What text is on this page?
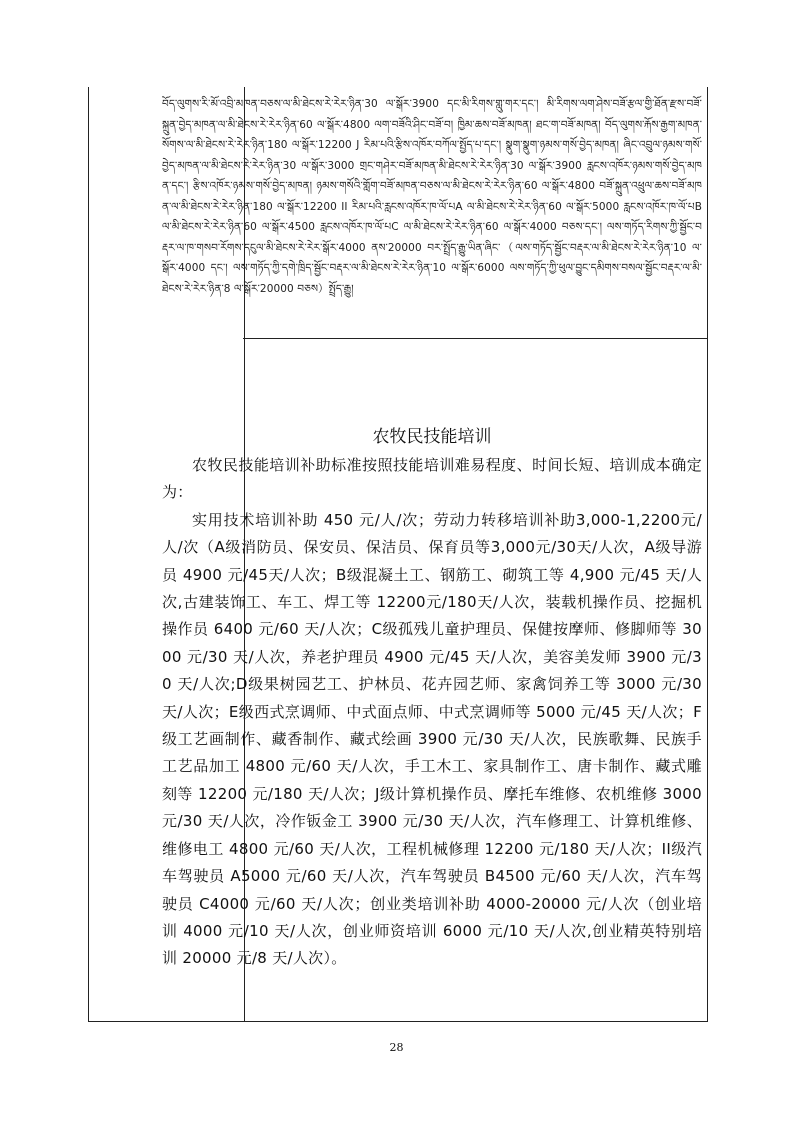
བོད་ལུགས་རི་མོ་འབྲི་མཁན་བཅས་ལ་མི་ཐེངས་རེ་རེར་ཉིན་30 ལ་སྒོར་3900 དང་མི་རིགས་གླུ་གར་དང་། མི་རིགས་ལག་ཤེས་བཟོ་རྩལ་གྱི་ཐོན་རྫས་བཟོ་སྐྲུན་བྱེད་མཁན་ལ་མི་ཐེངས་རེ་རེར་ཉིན་60 ལ་སྒོར་4800 ལག་བཟོའི་ཤིང་བཟོ་བ། ཁྱིམ་ཆས་བཟོ་མཁན། ཐང་ག་བཟོ་མཁན། བོད་ལུགས་རྐོས་རྒྱག་མཁན་སོགས་ལ་མི་ཐེངས་རེ་རེར་ཉིན་180 ལ་སྒོར་12200 J རིམ་པའི་རྩིས་འཁོར་བཀོལ་སྤྱོད་པ་དང་། སྣུག་སྣུག་ཉམས་གསོ་བྱེད་མཁན། ཞིང་འབྲུལ་ཉམས་གསོ་བྱེད་མཁན་ལ་མི་ཐེངས་རེ་རེར་ཉིན་30 ལ་སྒོར་3000 གྲང་གཤེར་བཟོ་མཁན་མི་ཐེངས་རེ་རེར་ཉིན་30 ལ་སྒོར་3900 རླངས་འཁོར་ཉམས་གསོ་བྱེད་མཁན་དང་། རྩིས་འཁོར་ཉམས་གསོ་བྱེད་མཁན། ཉམས་གསོའི་གློག་བཟོ་མཁན་བཅས་ལ་མི་ཐེངས་རེ་རེར་ཉིན་60 ལ་སྒོར་4800 བཟོ་སྐྲུན་འཕྲུལ་ཆས་བཟོ་མཁན་ལ་མི་ཐེངས་རེ་རེར་ཉིན་180 ལ་སྒོར་12200 II རིམ་པའི་རླངས་འཁོར་ཁ་ལོ་པA ལ་མི་ཐེངས་རེ་རེར་ཉིན་60 ལ་སྒོར་5000 རླངས་འཁོར་ཁ་ལོ་པB ལ་མི་ཐེངས་རེ་རེར་ཉིན་60 ལ་སྒོར་4500 རླངས་འཁོར་ཁ་ལོ་པC ལ་མི་ཐེངས་རེ་རེར་ཉིན་60 ལ་སྒོར་4000 བཅས་དང་། ལས་གཏོད་རིགས་ཀྱི་སྦྱོང་བརྡར་ལ་ཁ་གསབ་རོགས་དངུལ་མི་ཐེངས་རེ་རེར་སྒོར་4000 ནས་20000 བར་སྤྲོད་རྒྱུ་ཡིན་ཞིང་（ལས་གཏོད་སྦྱོང་བརྡར་ལ་མི་ཐེངས་རེ་རེར་ཉིན་10 ལ་སྒོར་4000 དང་། ལས་གཏོད་ཀྱི་དགེ་ཁྲིད་སྦྱོང་བརྡར་ལ་མི་ཐེངས་རེ་རེར་ཉིན་10 ལ་སྒོར་6000 ལས་གཏོད་ཀྱི་ཕུལ་བྱུང་དམིགས་བསལ་སྦྱོང་བརྡར་ལ་མི་ཐེངས་རེ་རེར་ཉིན་8 ལ་སྒོར་20000 བཅས）སྤྲོད་རྒྱུ།
农牧民技能培训

农牧民技能培训补助标准按照技能培训难易程度、时间长短、培训成本确定为：

实用技术培训补助 450 元/人/次；劳动力转移培训补助3,000-1,2200元/人/次（A级消防员、保安员、保洁员、保育员等3,000元/30天/人次，A级导游员 4900 元/45天/人次；B级混凝土工、钢筋工、砌筑工等 4,900 元/45 天/人次,古建装饰工、车工、焊工等 12200元/180天/人次，装载机操作员、挖掘机操作员 6400 元/60 天/人次；C级孤残儿童护理员、保健按摩师、修脚师等 3000 元/30 天/人次，养老护理员 4900 元/45 天/人次，美容美发师 3900 元/30 天/人次;D级果树园艺工、护林员、花卉园艺师、家禽饲养工等 3000 元/30 天/人次；E级西式烹调师、中式面点师、中式烹调师等 5000 元/45 天/人次；F级工艺画制作、藏香制作、藏式绘画 3900 元/30 天/人次，民族歌舞、民族手工艺品加工 4800 元/60 天/人次，手工木工、家具制作工、唐卡制作、藏式雕刻等 12200 元/180 天/人次；J级计算机操作员、摩托车维修、农机维修 3000 元/30 天/人次，冷作钣金工 3900 元/30 天/人次，汽车修理工、计算机维修、维修电工 4800 元/60 天/人次，工程机械修理 12200 元/180 天/人次；II级汽车驾驶员 A5000 元/60 天/人次，汽车驾驶员 B4500 元/60 天/人次，汽车驾驶员 C4000 元/60 天/人次；创业类培训补助 4000-20000 元/人次（创业培训 4000 元/10 天/人次，创业师资培训 6000 元/10 天/人次,创业精英特别培训 20000 元/8 天/人次）。

28
